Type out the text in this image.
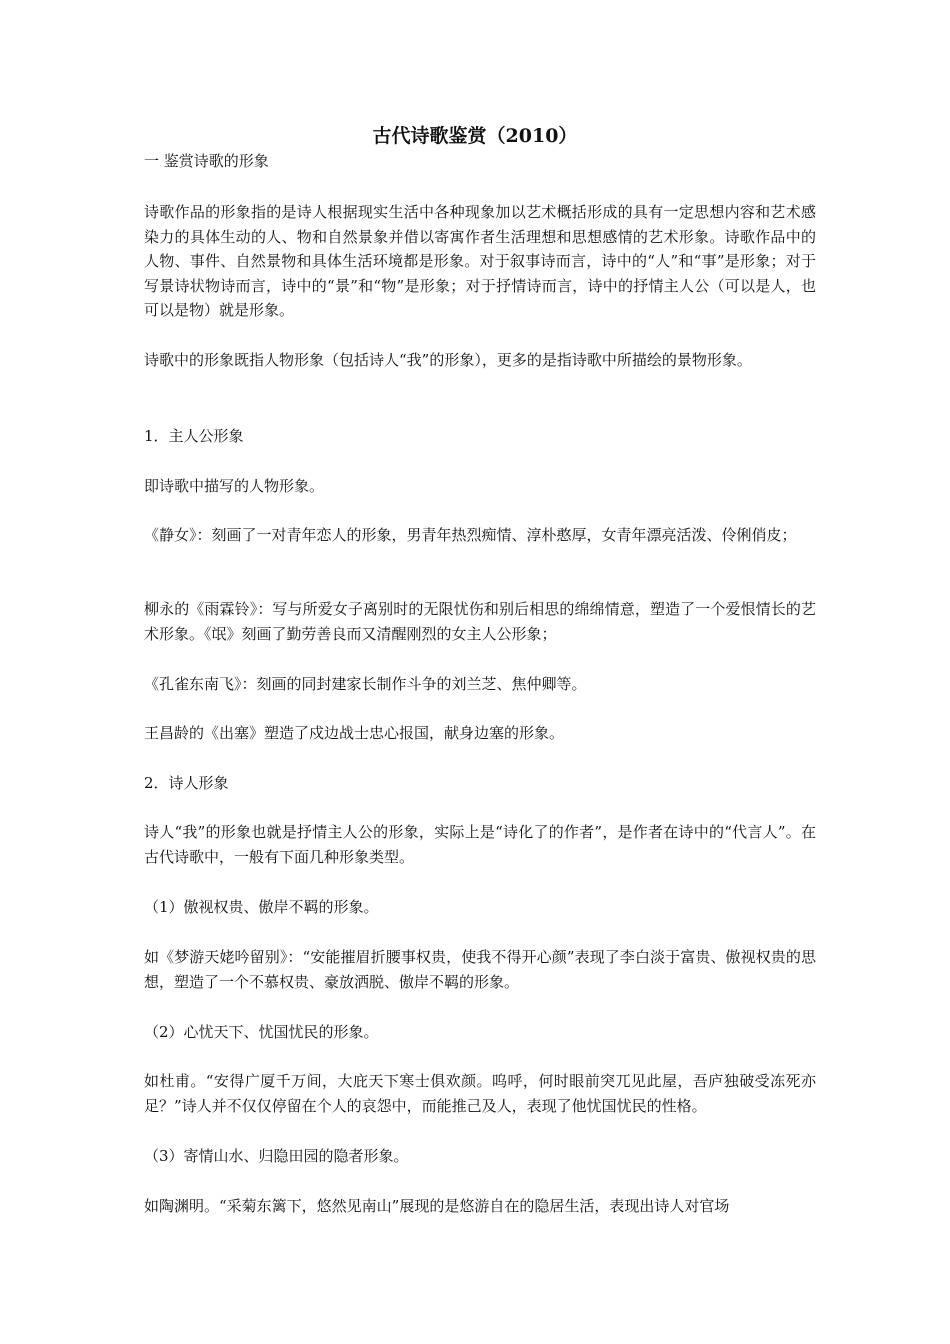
古代诗歌鉴赏（2010）

一 鉴赏诗歌的形象

诗歌作品的形象指的是诗人根据现实生活中各种现象加以艺术概括形成的具有一定思想内容和艺术感染力的具体生动的人、物和自然景象并借以寄寓作者生活理想和思想感情的艺术形象。诗歌作品中的人物、事件、自然景物和具体生活环境都是形象。对于叙事诗而言，诗中的“人”和“事”是形象；对于写景诗状物诗而言，诗中的“景”和“物”是形象；对于抒情诗而言，诗中的抒情主人公（可以是人，也可以是物）就是形象。

诗歌中的形象既指人物形象（包括诗人“我”的形象），更多的是指诗歌中所描绘的景物形象。

1．主人公形象

即诗歌中描写的人物形象。

《静女》：刻画了一对青年恋人的形象，男青年热烈痴情、淳朴憨厚，女青年漂亮活泼、伶俐俏皮；

柳永的《雨霖铃》：写与所爱女子离别时的无限忧伤和别后相思的绵绵情意，塑造了一个爱恨情长的艺术形象。《氓》刻画了勤劳善良而又清醒刚烈的女主人公形象；

《孔雀东南飞》：刻画的同封建家长制作斗争的刘兰芝、焦仲卿等。

王昌龄的《出塞》塑造了戍边战士忠心报国，献身边塞的形象。

2．诗人形象

诗人“我”的形象也就是抒情主人公的形象，实际上是“诗化了的作者”，是作者在诗中的“代言人”。在古代诗歌中，一般有下面几种形象类型。

（1）傲视权贵、傲岸不羁的形象。

如《梦游天姥吟留别》：“安能摧眉折腰事权贵，使我不得开心颜”表现了李白淡于富贵、傲视权贵的思想，塑造了一个不慕权贵、豪放洒脱、傲岸不羁的形象。

（2）心忧天下、忧国忧民的形象。

如杜甫。“安得广厦千万间，大庇天下寒士俱欢颜。呜呼，何时眼前突兀见此屋，吾庐独破受冻死亦足？”诗人并不仅仅停留在个人的哀怨中，而能推己及人，表现了他忧国忧民的性格。

（3）寄情山水、归隐田园的隐者形象。

如陶渊明。“采菊东篱下，悠然见南山”展现的是悠游自在的隐居生活，表现出诗人对官场
